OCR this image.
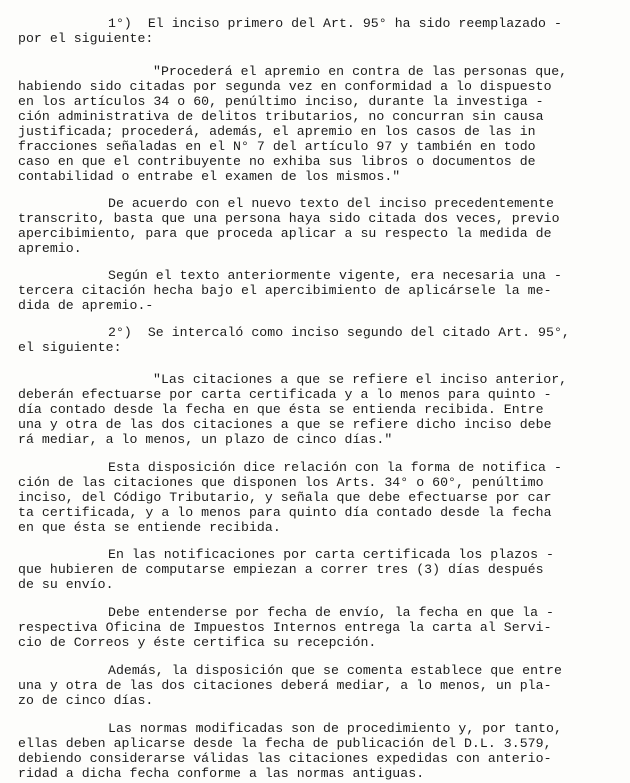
1°)  El inciso primero del Art. 95° ha sido reemplazado -
por el siguiente:
"Procederá el apremio en contra de las personas que,
habiendo sido citadas por segunda vez en conformidad a lo dispuesto
en los artículos 34 o 60, penúltimo inciso, durante la investiga -
ción administrativa de delitos tributarios, no concurran sin causa
justificada; procederá, además, el apremio en los casos de las in
fracciones señaladas en el N° 7 del artículo 97 y también en todo
caso en que el contribuyente no exhiba sus libros o documentos de
contabilidad o entrabe el examen de los mismos."
De acuerdo con el nuevo texto del inciso precedentemente
transcrito, basta que una persona haya sido citada dos veces, previo
apercibimiento, para que proceda aplicar a su respecto la medida de
apremio.
Según el texto anteriormente vigente, era necesaria una -
tercera citación hecha bajo el apercibimiento de aplicársele la me-
dida de apremio.-
2°)  Se intercaló como inciso segundo del citado Art. 95°,
el siguiente:
"Las citaciones a que se refiere el inciso anterior,
deberán efectuarse por carta certificada y a lo menos para quinto -
día contado desde la fecha en que ésta se entienda recibida. Entre
una y otra de las dos citaciones a que se refiere dicho inciso debe
rá mediar, a lo menos, un plazo de cinco días."
Esta disposición dice relación con la forma de notifica -
ción de las citaciones que disponen los Arts. 34° o 60°, penúltimo
inciso, del Código Tributario, y señala que debe efectuarse por car
ta certificada, y a lo menos para quinto día contado desde la fecha
en que ésta se entiende recibida.
En las notificaciones por carta certificada los plazos -
que hubieren de computarse empiezan a correr tres (3) días después
de su envío.
Debe entenderse por fecha de envío, la fecha en que la -
respectiva Oficina de Impuestos Internos entrega la carta al Servi-
cio de Correos y éste certifica su recepción.
Además, la disposición que se comenta establece que entre
una y otra de las dos citaciones deberá mediar, a lo menos, un pla-
zo de cinco días.
Las normas modificadas son de procedimiento y, por tanto,
ellas deben aplicarse desde la fecha de publicación del D.L. 3.579,
debiendo considerarse válidas las citaciones expedidas con anterio-
ridad a dicha fecha conforme a las normas antiguas.
